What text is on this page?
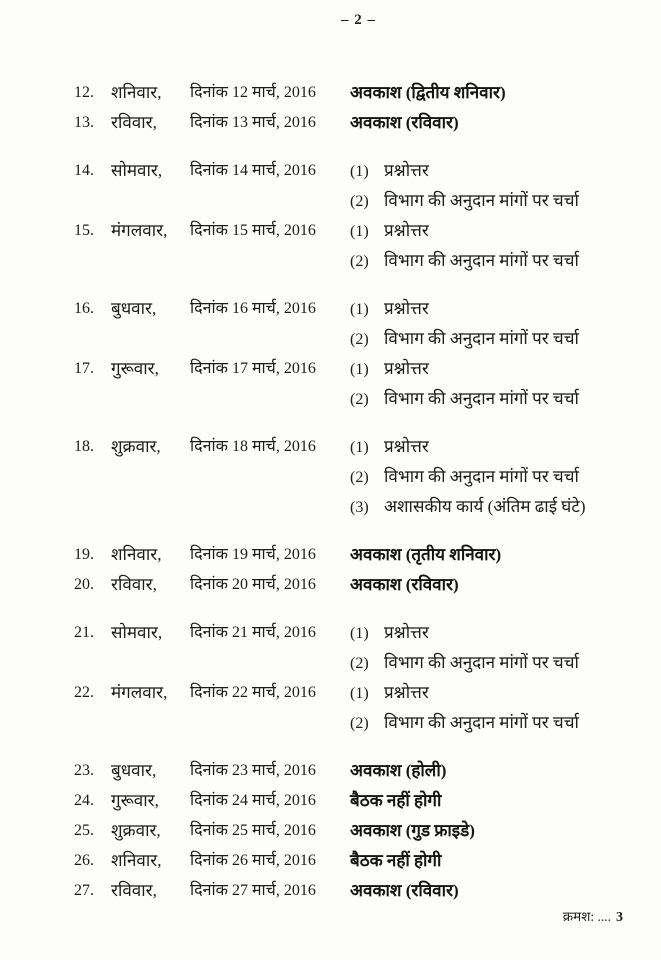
– 2 –
12. शनिवार, दिनांक 12 मार्च, 2016 अवकाश (द्वितीय शनिवार)
13. रविवार, दिनांक 13 मार्च, 2016 अवकाश (रविवार)
14. सोमवार, दिनांक 14 मार्च, 2016 (1) प्रश्नोत्तर
(2) विभाग की अनुदान मांगों पर चर्चा
15. मंगलवार, दिनांक 15 मार्च, 2016 (1) प्रश्नोत्तर
(2) विभाग की अनुदान मांगों पर चर्चा
16. बुधवार, दिनांक 16 मार्च, 2016 (1) प्रश्नोत्तर
(2) विभाग की अनुदान मांगों पर चर्चा
17. गुरूवार, दिनांक 17 मार्च, 2016 (1) प्रश्नोत्तर
(2) विभाग की अनुदान मांगों पर चर्चा
18. शुक्रवार, दिनांक 18 मार्च, 2016 (1) प्रश्नोत्तर
(2) विभाग की अनुदान मांगों पर चर्चा
(3) अशासकीय कार्य (अंतिम ढाई घंटे)
19. शनिवार, दिनांक 19 मार्च, 2016 अवकाश (तृतीय शनिवार)
20. रविवार, दिनांक 20 मार्च, 2016 अवकाश (रविवार)
21. सोमवार, दिनांक 21 मार्च, 2016 (1) प्रश्नोत्तर
(2) विभाग की अनुदान मांगों पर चर्चा
22. मंगलवार, दिनांक 22 मार्च, 2016 (1) प्रश्नोत्तर
(2) विभाग की अनुदान मांगों पर चर्चा
23. बुधवार, दिनांक 23 मार्च, 2016 अवकाश (होली)
24. गुरूवार, दिनांक 24 मार्च, 2016 बैठक नहीं होगी
25. शुक्रवार, दिनांक 25 मार्च, 2016 अवकाश (गुड फ्राइडे)
26. शनिवार, दिनांक 26 मार्च, 2016 बैठक नहीं होगी
27. रविवार, दिनांक 27 मार्च, 2016 अवकाश (रविवार)
क्रमश: .... 3
